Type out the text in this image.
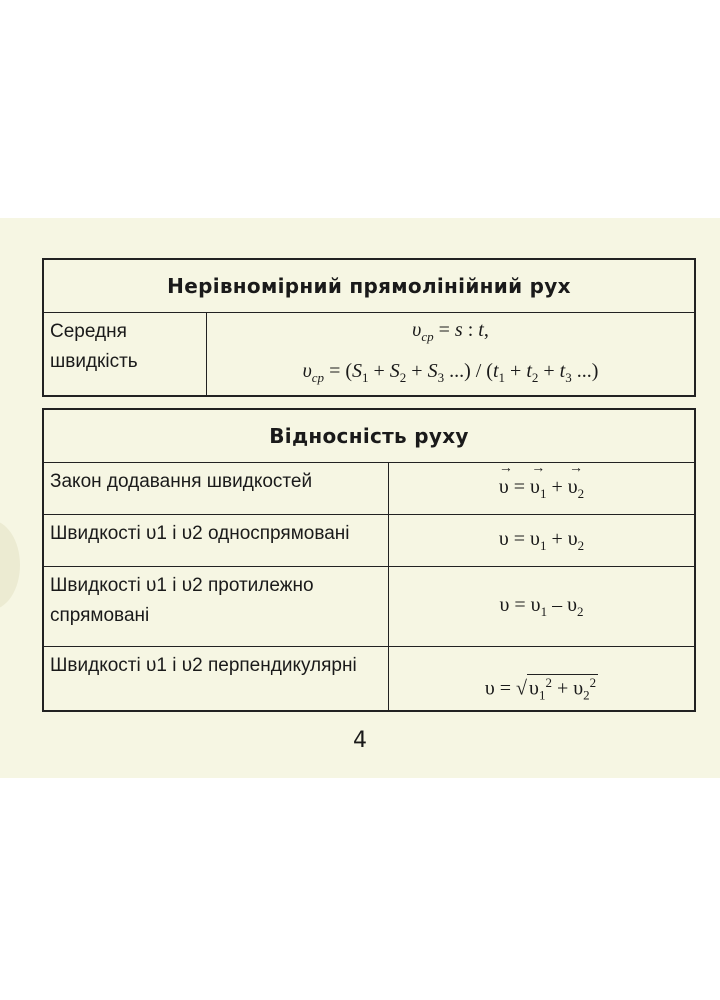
Нерівномірний прямолінійний рух
Середня
швидкість	$\upsilon_{ср} = s$ : t,
$\upsilon_{ср} = (S_1 + S_2 + S_3$ ...) / ($t_1 + t_2 + t_3$ ...)
Відносність руху	
Закон додавання швидкостей	→ υ = → $\upsilon_1$ + → $\upsilon_2$
Швидкості υ1 і υ2 односпрямовані	$\upsilon = \upsilon_1 + \upsilon_2$
Швидкості υ1 і υ2 протилежно
спрямовані	$\upsilon = \upsilon_1 - \upsilon_2$
Швидкості υ1 і υ2 перпендикулярні	υ = √ $\upsilon_1^2 + \upsilon_2^2$
4
